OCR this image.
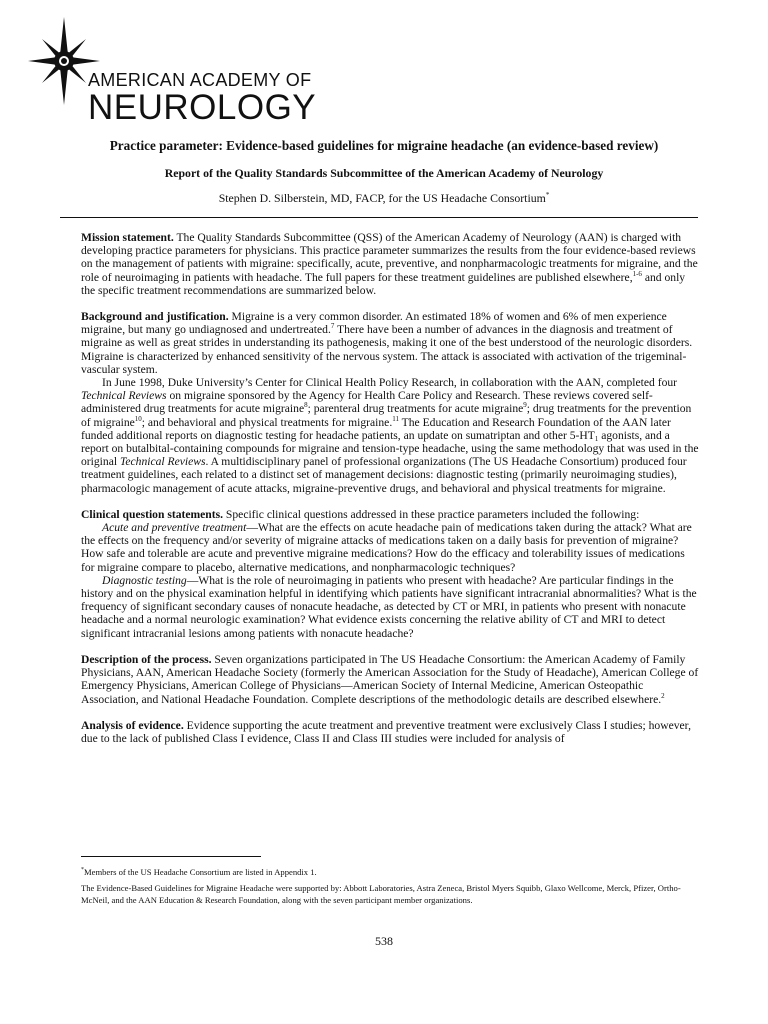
AMERICAN ACADEMY OF
NEUROLOGY
Practice parameter: Evidence-based guidelines for migraine headache (an evidence-based review)
Report of the Quality Standards Subcommittee of the American Academy of Neurology
Stephen D. Silberstein, MD, FACP, for the US Headache Consortium*

Mission statement. The Quality Standards Subcommittee (QSS) of the American Academy of Neurology (AAN) is charged with developing practice parameters for physicians. This practice parameter summarizes the results from the four evidence-based reviews on the management of patients with migraine: specifically, acute, preventive, and nonpharmacologic treatments for migraine, and the role of neuroimaging in patients with headache. The full papers for these treatment guidelines are published elsewhere,$^{1-6}$ and only the specific treatment recommendations are summarized below.

Background and justification. Migraine is a very common disorder. An estimated 18% of women and 6% of men experience migraine, but many go undiagnosed and undertreated.$^7$ There have been a number of advances in the diagnosis and treatment of migraine as well as great strides in understanding its pathogenesis, making it one of the best understood of the neurologic disorders. Migraine is characterized by enhanced sensitivity of the nervous system. The attack is associated with activation of the trigeminal-vascular system.

In June 1998, Duke University’s Center for Clinical Health Policy Research, in collaboration with the AAN, completed four Technical Reviews on migraine sponsored by the Agency for Health Care Policy and Research. These reviews covered self-administered drug treatments for acute migraine$^8$; parenteral drug treatments for acute migraine$^9$; drug treatments for the prevention of migraine$^{10}$; and behavioral and physical treatments for migraine.$^{11}$ The Education and Research Foundation of the AAN later funded additional reports on diagnostic testing for headache patients, an update on sumatriptan and other $5-HT_1$ agonists, and a report on butalbital-containing compounds for migraine and tension-type headache, using the same methodology that was used in the original Technical Reviews. A multidisciplinary panel of professional organizations (The US Headache Consortium) produced four treatment guidelines, each related to a distinct set of management decisions: diagnostic testing (primarily neuroimaging studies), pharmacologic management of acute attacks, migraine-preventive drugs, and behavioral and physical treatments for migraine.

Clinical question statements. Specific clinical questions addressed in these practice parameters included the following:

Acute and preventive treatment—What are the effects on acute headache pain of medications taken during the attack? What are the effects on the frequency and/or severity of migraine attacks of medications taken on a daily basis for prevention of migraine? How safe and tolerable are acute and preventive migraine medications? How do the efficacy and tolerability issues of medications for migraine compare to placebo, alternative medications, and nonpharmacologic techniques?

Diagnostic testing—What is the role of neuroimaging in patients who present with headache? Are particular findings in the history and on the physical examination helpful in identifying which patients have significant intracranial abnormalities? What is the frequency of significant secondary causes of nonacute headache, as detected by CT or MRI, in patients who present with nonacute headache and a normal neurologic examination? What evidence exists concerning the relative ability of CT and MRI to detect significant intracranial lesions among patients with nonacute headache?

Description of the process. Seven organizations participated in The US Headache Consortium: the American Academy of Family Physicians, AAN, American Headache Society (formerly the American Association for the Study of Headache), American College of Emergency Physicians, American College of Physicians—American Society of Internal Medicine, American Osteopathic Association, and National Headache Foundation. Complete descriptions of the methodologic details are described elsewhere.$^2$

Analysis of evidence. Evidence supporting the acute treatment and preventive treatment were exclusively Class I studies; however, due to the lack of published Class I evidence, Class II and Class III studies were included for analysis of

*Members of the US Headache Consortium are listed in Appendix 1.
The Evidence-Based Guidelines for Migraine Headache were supported by: Abbott Laboratories, Astra Zeneca, Bristol Myers Squibb, Glaxo Wellcome, Merck, Pfizer, Ortho-McNeil, and the AAN Education & Research Foundation, along with the seven participant member organizations.
538
